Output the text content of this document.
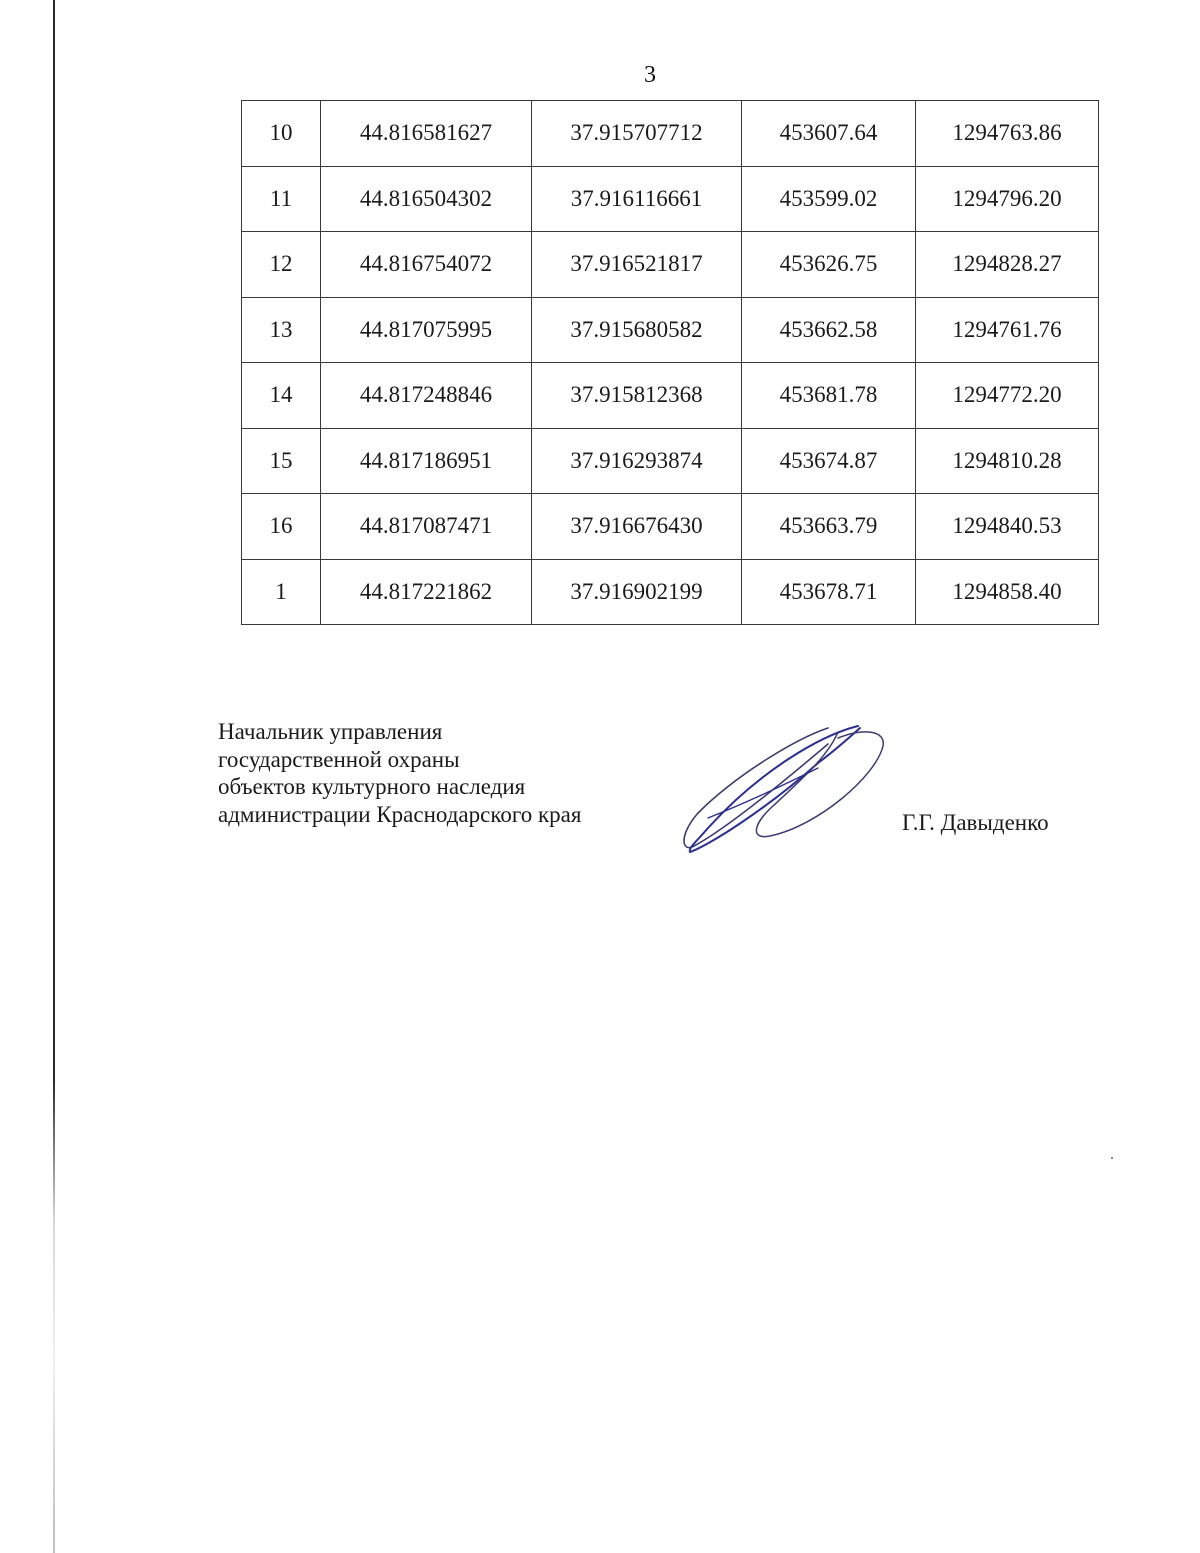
3
10	44.816581627	37.915707712	453607.64	1294763.86
11	44.816504302	37.916116661	453599.02	1294796.20
12	44.816754072	37.916521817	453626.75	1294828.27
13	44.817075995	37.915680582	453662.58	1294761.76
14	44.817248846	37.915812368	453681.78	1294772.20
15	44.817186951	37.916293874	453674.87	1294810.28
16	44.817087471	37.916676430	453663.79	1294840.53
1	44.817221862	37.916902199	453678.71	1294858.40
Начальник управления
государственной охраны
объектов культурного наследия
администрации Краснодарского края	Г.Г. Давыденко
